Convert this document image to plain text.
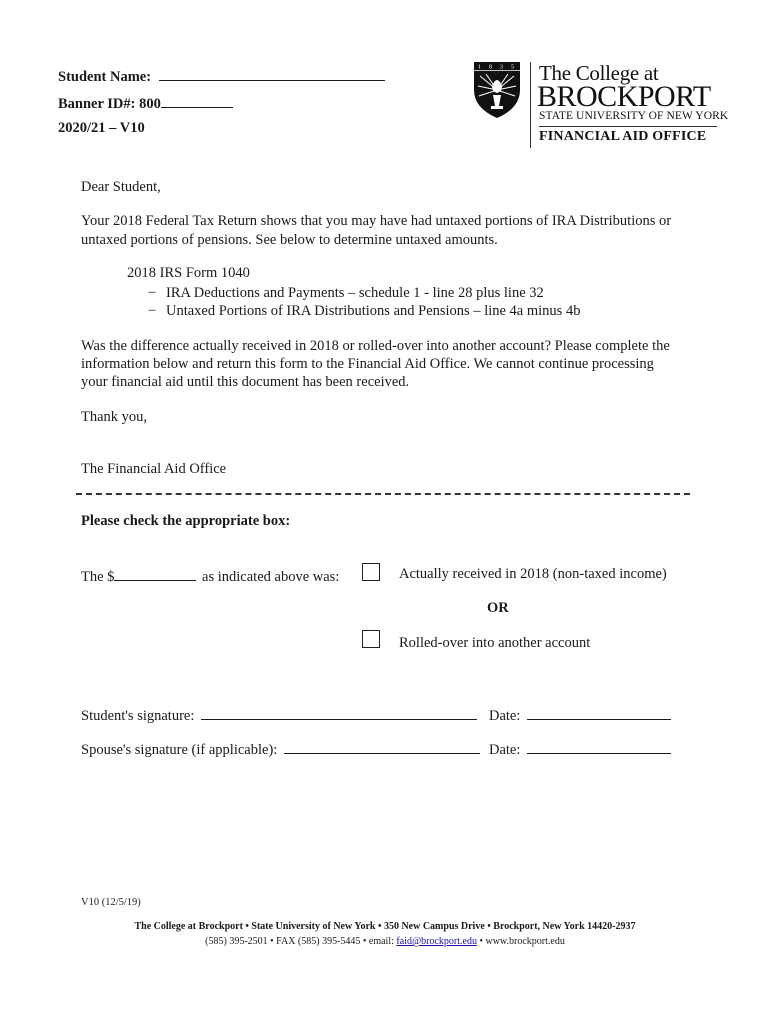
Student Name:
Banner ID#: 800
2020/21 – V10
1 8 3 5 The College at
BROCKPORT
STATE UNIVERSITY OF NEW YORK
FINANCIAL AID OFFICE
Dear Student,
Your 2018 Federal Tax Return shows that you may have had untaxed portions of IRA Distributions or
untaxed portions of pensions. See below to determine untaxed amounts.
2018 IRS Form 1040
− IRA Deductions and Payments – schedule 1 - line 28 plus line 32
− Untaxed Portions of IRA Distributions and Pensions – line 4a minus 4b
Was the difference actually received in 2018 or rolled-over into another account? Please complete the
information below and return this form to the Financial Aid Office. We cannot continue processing
your financial aid until this document has been received.
Thank you,
The Financial Aid Office
Please check the appropriate box:
The $	as indicated above was:	Actually received in 2018 (non-taxed income)
OR
Rolled-over into another account
Student's signature:	Date:
Spouse's signature (if applicable):	Date:
V10 (12/5/19)
The College at Brockport • State University of New York • 350 New Campus Drive • Brockport, New York 14420-2937
(585) 395-2501 • FAX (585) 395-5445 • email: faid@brockport.edu • www.brockport.edu
